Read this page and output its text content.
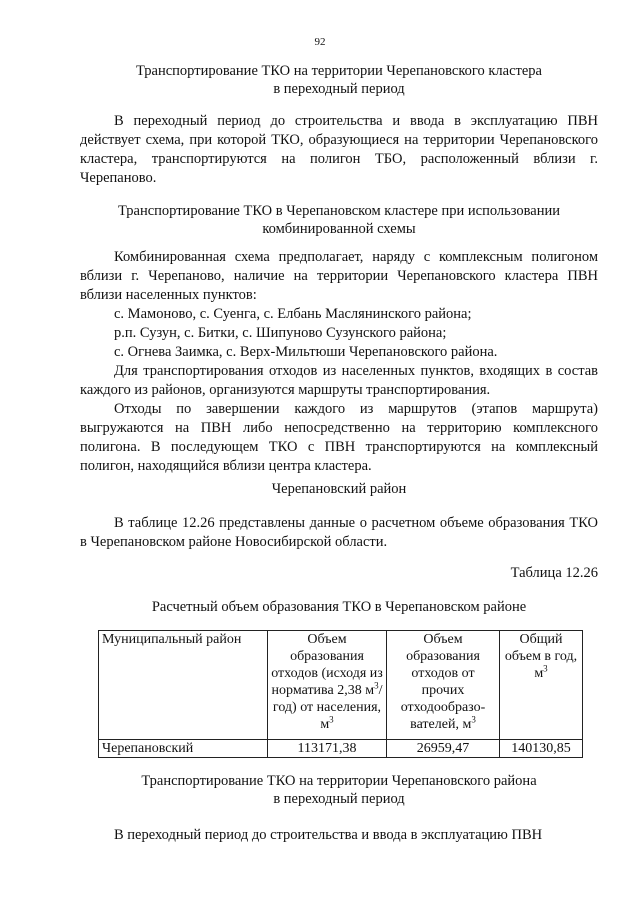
92
Транспортирование ТКО на территории Черепановского кластера
в переходный период
В переходный период до строительства и ввода в эксплуатацию ПВН действует схема, при которой ТКО, образующиеся на территории Черепановского кластера, транспортируются на полигон ТБО, расположенный вблизи г. Черепаново.
Транспортирование ТКО в Черепановском кластере при использовании
комбинированной схемы
Комбинированная схема предполагает, наряду с комплексным полигоном вблизи г. Черепаново, наличие на территории Черепановского кластера ПВН вблизи населенных пунктов:
с. Мамоново, с. Суенга, с. Елбань Маслянинского района;
р.п. Сузун, с. Битки, с. Шипуново Сузунского района;
с. Огнева Заимка, с. Верх-Мильтюши Черепановского района.
Для транспортирования отходов из населенных пунктов, входящих в состав каждого из районов, организуются маршруты транспортирования.
Отходы по завершении каждого из маршрутов (этапов маршрута) выгружаются на ПВН либо непосредственно на территорию комплексного полигона. В последующем ТКО с ПВН транспортируются на комплексный полигон, находящийся вблизи центра кластера.
Черепановский район
В таблице 12.26 представлены данные о расчетном объеме образования ТКО в Черепановском районе Новосибирской области.
Таблица 12.26
Расчетный объем образования ТКО в Черепановском районе
Муниципальный район	Объем образования отходов (исходя из норматива 2,38 $м^3/год$) от населения, $м^3$	Объем образования отходов от прочих отходообразо-вателей, $м^3$	Общий объем в год, $м^3$
Черепановский	113171,38	26959,47	140130,85
Транспортирование ТКО на территории Черепановского района
в переходный период
В переходный период до строительства и ввода в эксплуатацию ПВН
